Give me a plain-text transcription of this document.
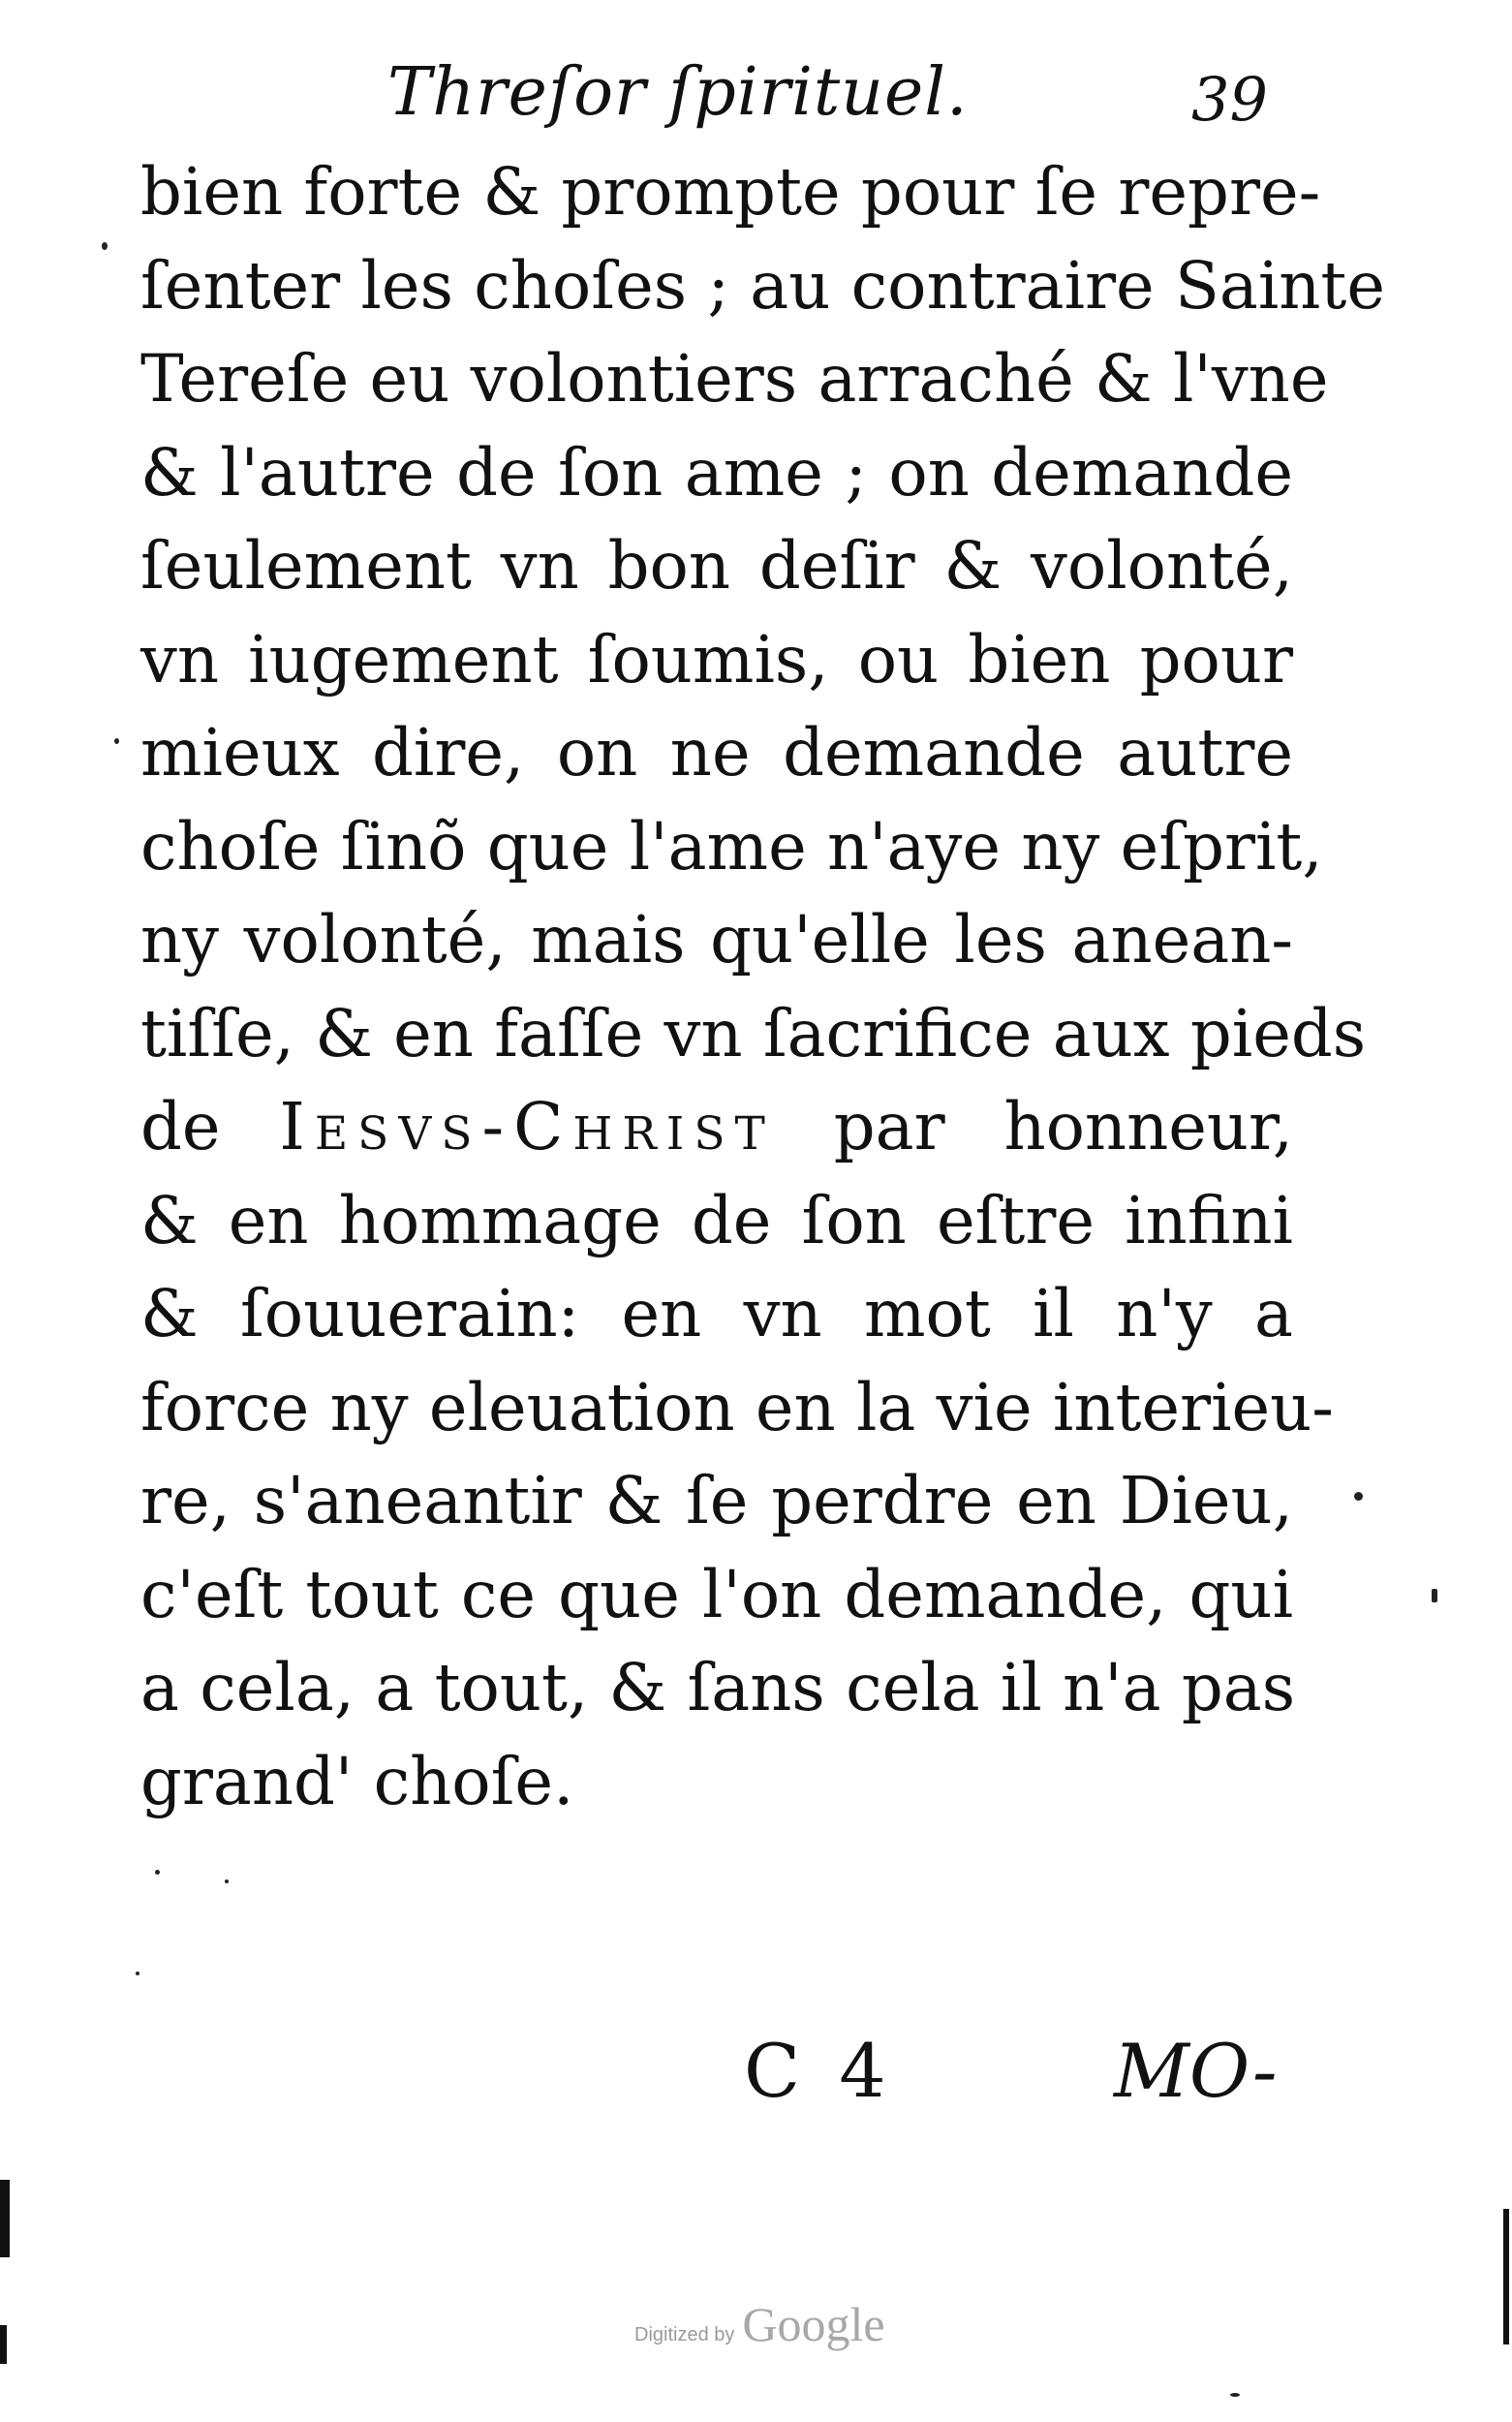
Threſor ſpirituel.	39
bien forte & prompte pour ſe repre-
ſenter les choſes ; au contraire Sainte
Tereſe eu volontiers arraché & l'vne
& l'autre de ſon ame ; on demande
ſeulement vn bon deſir & volonté,
vn iugement ſoumis, ou bien pour
mieux dire, on ne demande autre
choſe ſinõ que l'ame n'aye ny eſprit,
ny volonté, mais qu'elle les anean-
tiſſe, & en faſſe vn ſacrifice aux pieds
de Iesvs-Christ par honneur,
& en hommage de ſon eſtre infini
& ſouuerain: en vn mot il n'y a
force ny eleuation en la vie interieu-
re, s'aneantir & ſe perdre en Dieu,
c'eſt tout ce que l'on demande, qui
a cela, a tout, & ſans cela il n'a pas
grand' choſe.
C 4	MO-
Digitized by Google
